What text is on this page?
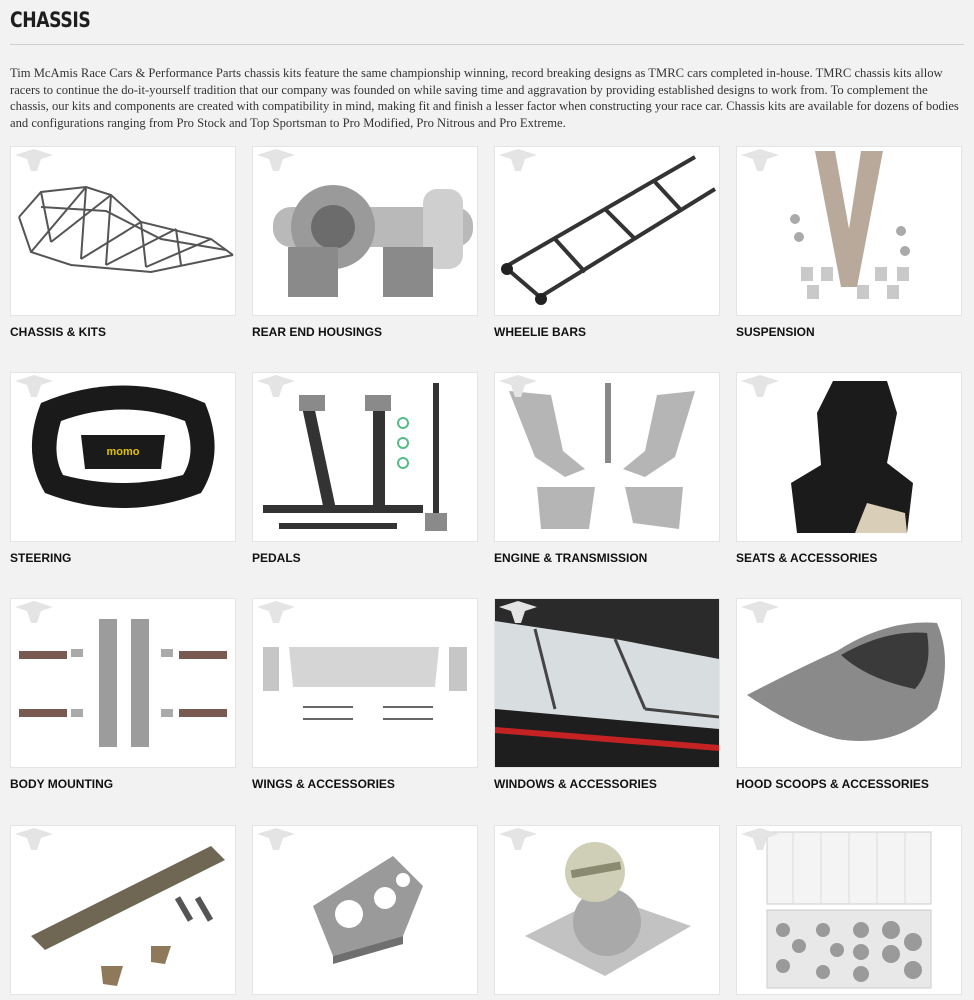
CHASSIS
Tim McAmis Race Cars & Performance Parts chassis kits feature the same championship winning, record breaking designs as TMRC cars completed in-house. TMRC chassis kits allow racers to continue the do-it-yourself tradition that our company was founded on while saving time and aggravation by providing established designs to work from. To complement the chassis, our kits and components are created with compatibility in mind, making fit and finish a lesser factor when constructing your race car. Chassis kits are available for dozens of bodies and configurations ranging from Pro Stock and Top Sportsman to Pro Modified, Pro Nitrous and Pro Extreme.
CHASSIS & KITS	REAR END HOUSINGS	WHEELIE BARS	SUSPENSION
momo
STEERING	PEDALS	ENGINE & TRANSMISSION	SEATS & ACCESSORIES
BODY MOUNTING	WINGS & ACCESSORIES	WINDOWS & ACCESSORIES	HOOD SCOOPS & ACCESSORIES
